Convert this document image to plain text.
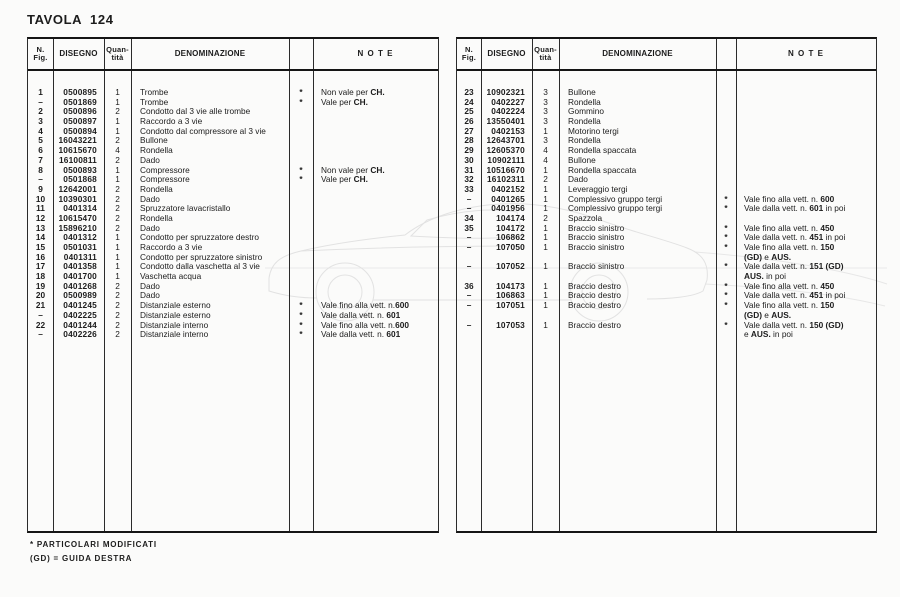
TAVOLA  124
N.
Fig. DISEGNO Quan-
tità	DENOMINAZIONE	N O T E
1	0500895	1	Trombe	*	Non vale per CH.
–	0501869	1	Trombe	*	Vale per CH.
2	0500896	2	Condotto dal 3 vie alle trombe
3	0500897	1	Raccordo a 3 vie
4	0500894	1	Condotto dal compressore al 3 vie
5	16043221	2	Bullone
6	10615670	4	Rondella
7	16100811	2	Dado
8	0500893	1	Compressore	*	Non vale per CH.
–	0501868	1	Compressore	*	Vale per CH.
9	12642001	2	Rondella
10	10390301	2	Dado
11	0401314	2	Spruzzatore lavacristallo
12	10615470	2	Rondella
13	15896210	2	Dado
14	0401312	1	Condotto per spruzzatore destro
15	0501031	1	Raccordo a 3 vie
16	0401311	1	Condotto per spruzzatore sinistro
17	0401358	1	Condotto dalla vaschetta al 3 vie
18	0401700	1	Vaschetta acqua
19	0401268	2	Dado
20	0500989	2	Dado
21	0401245	2	Distanziale esterno	*	Vale fino alla vett. n.600
–	0402225	2	Distanziale esterno	*	Vale dalla vett. n. 601
22	0401244	2	Distanziale interno	*	Vale fino alla vett. n.600
–	0402226	2	Distanziale interno	*	Vale dalla vett. n. 601
N.
Fig. DISEGNO Quan-
tità	DENOMINAZIONE	N O T E
23	10902321	3	Bullone
24	0402227	3	Rondella
25	0402224	3	Gommino
26	13550401	3	Rondella
27	0402153	1	Motorino tergi
28	12643701	3	Rondella
29	12605370	4	Rondella spaccata
30	10902111	4	Bullone
31	10516670	1	Rondella spaccata
32	16102311	2	Dado
33	0402152	1	Leveraggio tergi
–	0401265	1	Complessivo gruppo tergi	*	Vale fino alla vett. n. 600
–	0401956	1	Complessivo gruppo tergi	*	Vale dalla vett. n. 601 in poi
34	104174	2	Spazzola
35	104172	1	Braccio sinistro	*	Vale fino alla vett. n. 450
–	106862	1	Braccio sinistro	*	Vale dalla vett. n. 451 in poi
–	107050	1	Braccio sinistro	*	Vale fino alla vett. n. 150
(GD) e AUS.
–	107052	1	Braccio sinistro	*	Vale dalla vett. n. 151 (GD)
AUS. in poi
36	104173	1	Braccio destro	*	Vale fino alla vett. n. 450
–	106863	1	Braccio destro	*	Vale dalla vett. n. 451 in poi
–	107051	1	Braccio destro	*	Vale fino alla vett. n. 150
(GD) e AUS.
–	107053	1	Braccio destro	*	Vale dalla vett. n. 150 (GD)
e AUS. in poi
* PARTICOLARI MODIFICATI
(GD) = GUIDA DESTRA
